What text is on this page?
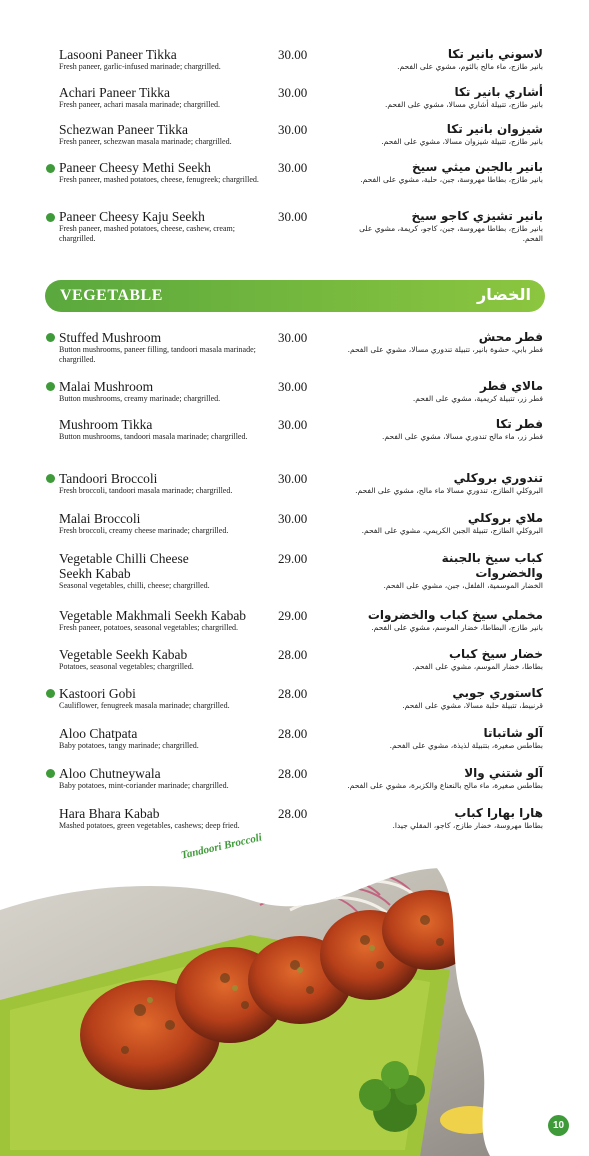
Lasooni Paneer Tikka
Fresh paneer, garlic-infused marinade; chargrilled.
30.00	لاسوني بانير تكا
بانير طازج، ماء مالح بالثوم، مشوي على الفحم.
Achari Paneer Tikka
Fresh paneer, achari masala marinade; chargrilled.
30.00	أشاري بانير تكا
بانير طازج، تتبيلة أشاري مسالا، مشوي على الفحم.
Schezwan Paneer Tikka
Fresh paneer, schezwan masala marinade; chargrilled.
30.00	شيزوان بانير تكا
بانير طازج، تتبيلة شيزوان مسالا، مشوي على الفحم.
Paneer Cheesy Methi Seekh
Fresh paneer, mashed potatoes, cheese, fenugreek; chargrilled.
30.00	بانير بالجبن ميثي سيخ
بانير طازج، بطاطا مهروسة، جبن، حلبة، مشوي على الفحم.
Paneer Cheesy Kaju Seekh
Fresh paneer, mashed potatoes, cheese, cashew, cream; chargrilled.
30.00	بانير تشيزي كاجو سيخ
بانير طازج، بطاطا مهروسة، جبن، كاجو، كريمة، مشوي على الفحم.
VEGETABLE	الخضار
Stuffed Mushroom
Button mushrooms, paneer filling, tandoori masala marinade; chargrilled.
30.00	فطر محش
فطر بابي، حشوة بانير، تتبيلة تندوري مسالا، مشوي على الفحم.
Malai Mushroom
Button mushrooms, creamy marinade; chargrilled.
30.00	مالاي فطر
فطر زر، تتبيلة كريمية، مشوي على الفحم.
Mushroom Tikka
Button mushrooms, tandoori masala marinade; chargrilled.
30.00	فطر تكا
فطر زر، ماء مالح تندوري مسالا، مشوي على الفحم.
Tandoori Broccoli
Fresh broccoli, tandoori masala marinade; chargrilled.
30.00	تندوري بروكلي
البروكلي الطازج، تندوري مسالا ماء مالح، مشوي على الفحم.
Malai Broccoli
Fresh broccoli, creamy cheese marinade; chargrilled.
30.00	ملاي بروكلي
البروكلي الطازج، تتبيلة الجبن الكريمي، مشوي على الفحم.
Vegetable Chilli Cheese Seekh Kabab
Seasonal vegetables, chilli, cheese; chargrilled.
29.00	كباب سيخ بالجبنة والخضروات
الخضار الموسمية، الفلفل، جبن، مشوي على الفحم.
Vegetable Makhmali Seekh Kabab
Fresh paneer, potatoes, seasonal vegetables; chargrilled.
29.00	مخملي سيخ كباب والخضروات
بانير طازج، البطاطا، خضار الموسم، مشوي على الفحم.
Vegetable Seekh Kabab
Potatoes, seasonal vegetables; chargrilled.
28.00	خضار سيخ كباب
بطاطا، خضار الموسم، مشوي على الفحم.
Kastoori Gobi
Cauliflower, fenugreek masala marinade; chargrilled.
28.00	كاستوري جوبي
قرنبيط، تتبيلة حلبة مسالا، مشوي على الفحم.
Aloo Chatpata
Baby potatoes, tangy marinade; chargrilled.
28.00	آلو شاتباتا
بطاطس صغيرة، بتتبيلة لذيذة، مشوي على الفحم.
Aloo Chutneywala
Baby potatoes, mint-coriander marinade; chargrilled.
28.00	آلو شتني والا
بطاطس صغيرة، ماء مالح بالنعناع والكزبرة، مشوي على الفحم.
Hara Bhara Kabab
Mashed potatoes, green vegetables, cashews; deep fried.
28.00	هارا بهارا كباب
بطاطا مهروسة، خضار طازج، كاجو، المقلي جيدا.
Tandoori Broccoli
10
